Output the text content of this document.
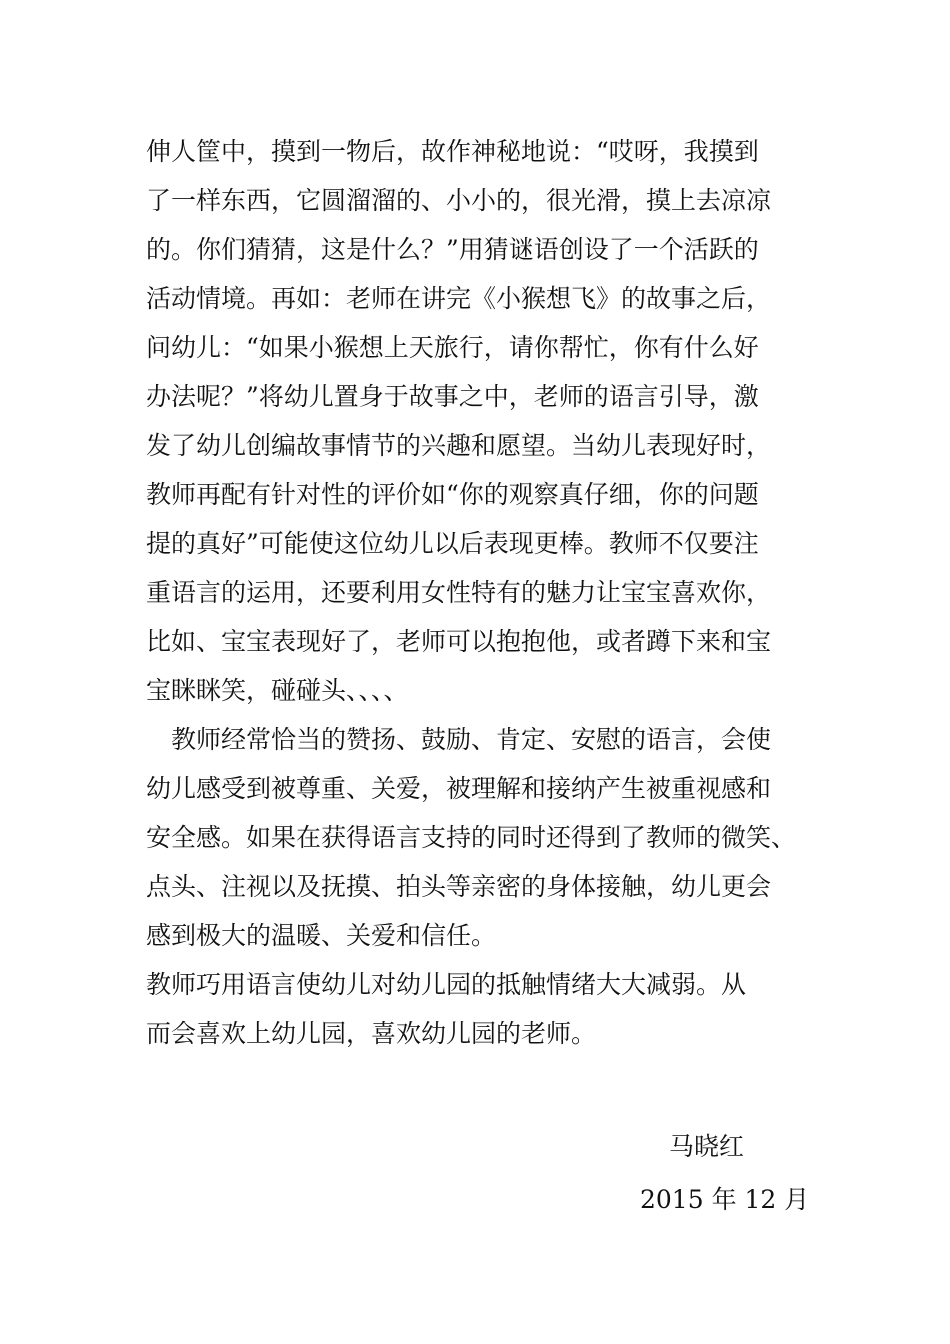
伸人筐中，摸到一物后，故作神秘地说：“哎呀，我摸到
了一样东西，它圆溜溜的、小小的，很光滑，摸上去凉凉
的。你们猜猜，这是什么？”用猜谜语创设了一个活跃的
活动情境。再如：老师在讲完《小猴想飞》的故事之后，
问幼儿：“如果小猴想上天旅行，请你帮忙，你有什么好
办法呢？”将幼儿置身于故事之中，老师的语言引导，激
发了幼儿创编故事情节的兴趣和愿望。当幼儿表现好时，
教师再配有针对性的评价如“你的观察真仔细，你的问题
提的真好”可能使这位幼儿以后表现更棒。教师不仅要注
重语言的运用，还要利用女性特有的魅力让宝宝喜欢你，
比如、宝宝表现好了，老师可以抱抱他，或者蹲下来和宝
宝眯眯笑，碰碰头、、、、
　教师经常恰当的赞扬、鼓励、肯定、安慰的语言，会使
幼儿感受到被尊重、关爱，被理解和接纳产生被重视感和
安全感。如果在获得语言支持的同时还得到了教师的微笑、
点头、注视以及抚摸、拍头等亲密的身体接触，幼儿更会
感到极大的温暖、关爱和信任。
教师巧用语言使幼儿对幼儿园的抵触情绪大大减弱。从
而会喜欢上幼儿园，喜欢幼儿园的老师。
马晓红
2015 年 12 月
